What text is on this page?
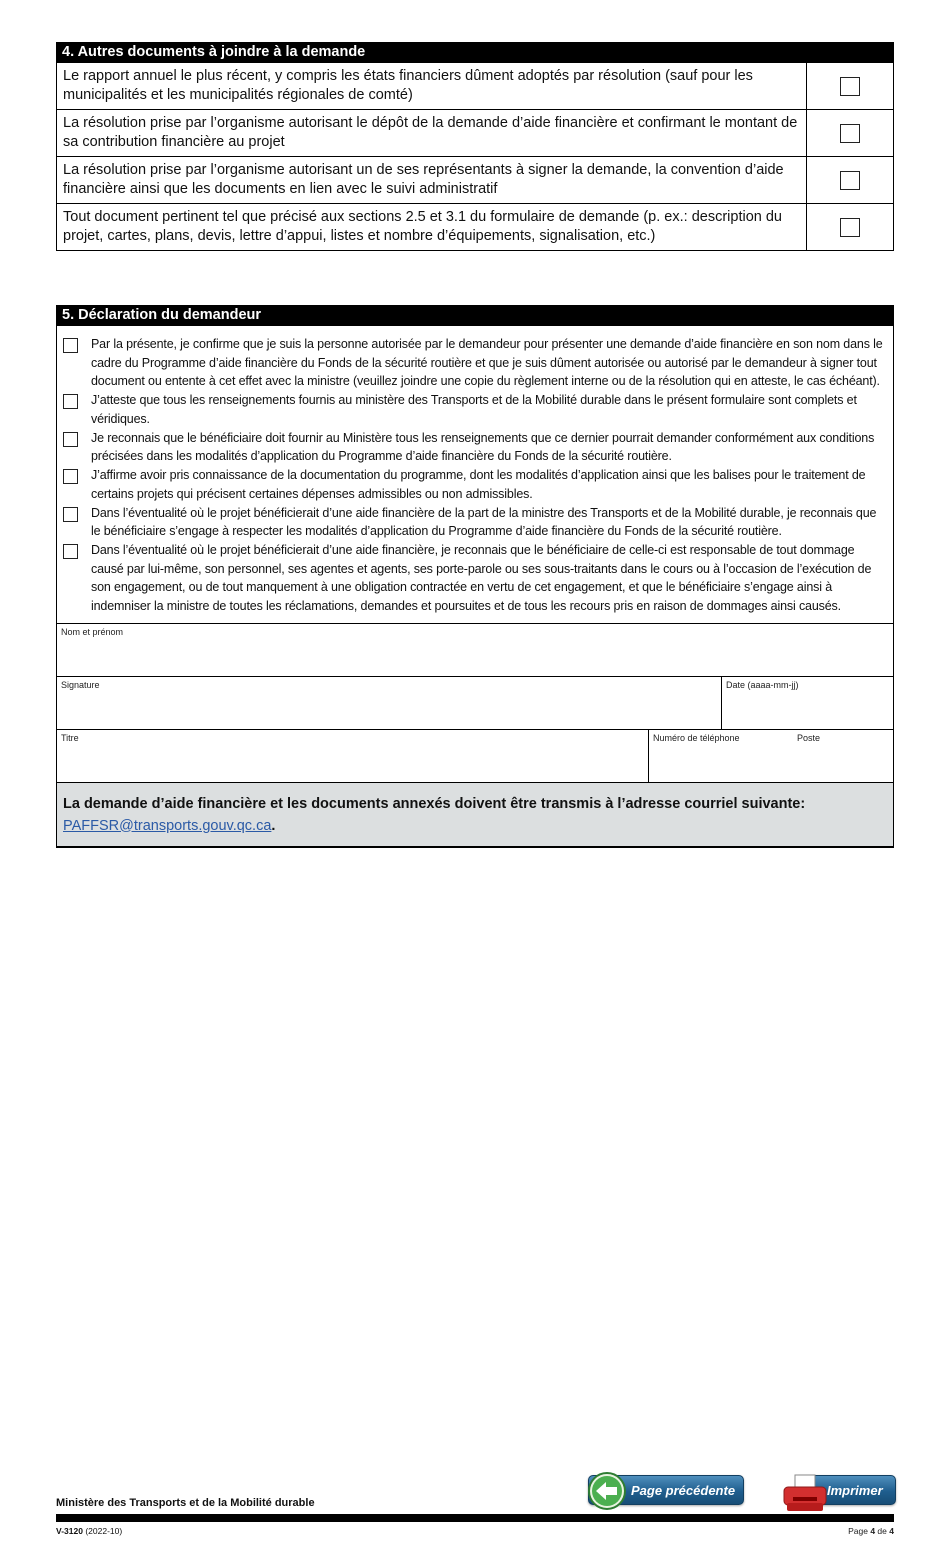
4. Autres documents à joindre à la demande
Le rapport annuel le plus récent, y compris les états financiers dûment adoptés par résolution (sauf pour les municipalités et les municipalités régionales de comté)
La résolution prise par l’organisme autorisant le dépôt de la demande d’aide financière et confirmant le montant de sa contribution financière au projet
La résolution prise par l’organisme autorisant un de ses représentants à signer la demande, la convention d’aide financière ainsi que les documents en lien avec le suivi administratif
Tout document pertinent tel que précisé aux sections 2.5 et 3.1 du formulaire de demande (p. ex.: description du projet, cartes, plans, devis, lettre d’appui, listes et nombre d’équipements, signalisation, etc.)
5. Déclaration du demandeur
Par la présente, je confirme que je suis la personne autorisée par le demandeur pour présenter une demande d’aide financière en son nom dans le cadre du Programme d’aide financière du Fonds de la sécurité routière et que je suis dûment autorisée ou autorisé par le demandeur à signer tout document ou entente à cet effet avec la ministre (veuillez joindre une copie du règlement interne ou de la résolution qui en atteste, le cas échéant).
J’atteste que tous les renseignements fournis au ministère des Transports et de la Mobilité durable dans le présent formulaire sont complets et véridiques.
Je reconnais que le bénéficiaire doit fournir au Ministère tous les renseignements que ce dernier pourrait demander conformément aux conditions précisées dans les modalités d’application du Programme d’aide financière du Fonds de la sécurité routière.
J’affirme avoir pris connaissance de la documentation du programme, dont les modalités d’application ainsi que les balises pour le traitement de certains projets qui précisent certaines dépenses admissibles ou non admissibles.
Dans l’éventualité où le projet bénéficierait d’une aide financière de la part de la ministre des Transports et de la Mobilité durable, je reconnais que le bénéficiaire s’engage à respecter les modalités d’application du Programme d’aide financière du Fonds de la sécurité routière.
Dans l’éventualité où le projet bénéficierait d’une aide financière, je reconnais que le bénéficiaire de celle-ci est responsable de tout dommage causé par lui-même, son personnel, ses agentes et agents, ses porte-parole ou ses sous-traitants dans le cours ou à l’occasion de l’exécution de son engagement, ou de tout manquement à une obligation contractée en vertu de cet engagement, et que le bénéficiaire s’engage ainsi à indemniser la ministre de toutes les réclamations, demandes et poursuites et de tous les recours pris en raison de dommages ainsi causés.
Nom et prénom
Signature	Date (aaaa-mm-jj)
Titre	Numéro de téléphone	Poste
La demande d’aide financière et les documents annexés doivent être transmis à l’adresse courriel suivante:
PAFFSR@transports.gouv.qc.ca.
Page précédente	Imprimer
Ministère des Transports et de la Mobilité durable
V-3120 (2022-10)	Page 4 de 4
